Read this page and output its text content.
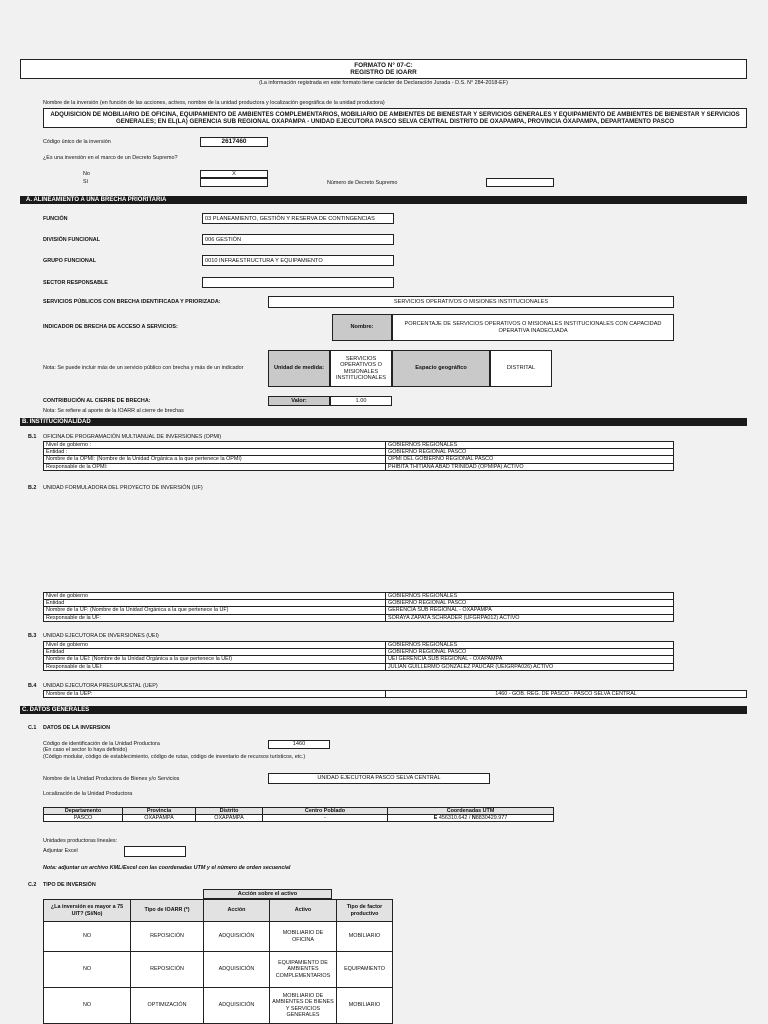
FORMATO N° 07-C:
REGISTRO DE IOARR
(La información registrada en este formato tiene carácter de Declaración Jurada - D.S. N° 284-2018-EF)
Nombre de la inversión (en función de las acciones, activos, nombre de la unidad productora y localización geográfica de la unidad productora)
ADQUISICION DE MOBILIARIO DE OFICINA, EQUIPAMIENTO DE AMBIENTES COMPLEMENTARIOS, MOBILIARIO DE AMBIENTES DE BIENESTAR Y SERVICIOS GENERALES Y EQUIPAMIENTO DE AMBIENTES DE BIENESTAR Y SERVICIOS GENERALES; EN EL(LA) GERENCIA SUB REGIONAL OXAPAMPA - UNIDAD EJECUTORA PASCO SELVA CENTRAL DISTRITO DE OXAPAMPA, PROVINCIA OXAPAMPA, DEPARTAMENTO PASCO
Código único de la inversión	2617460
¿Es una inversión en el marco de un Decreto Supremo?
No
Sí
X
Número de Decreto Supremo
A. ALINEAMIENTO A UNA BRECHA PRIORITARIA
FUNCIÓN	03 PLANEAMIENTO, GESTIÓN Y RESERVA DE CONTINGENCIAS
DIVISIÓN FUNCIONAL	006 GESTIÓN
GRUPO FUNCIONAL	0010 INFRAESTRUCTURA Y EQUIPAMIENTO
SECTOR RESPONSABLE
SERVICIOS PÚBLICOS CON BRECHA IDENTIFICADA Y PRIORIZADA:	SERVICIOS OPERATIVOS O MISIONES INSTITUCIONALES
INDICADOR DE BRECHA DE ACCESO A SERVICIOS:	Nombre:
PORCENTAJE DE SERVICIOS OPERATIVOS O MISIONALES INSTITUCIONALES CON CAPACIDAD OPERATIVA INADECUADA
Nota: Se puede incluir más de un servicio público con brecha y más de un indicador	Unidad de medida:
SERVICIOS OPERATIVOS O MISIONALES INSTITUCIONALES
Espacio geográfico	DISTRITAL
CONTRIBUCIÓN AL CIERRE DE BRECHA:	Valor:	1.00
Nota: Se refiere al aporte de la IOARR al cierre de brechas
B. INSTITUCIONALIDAD
B.1 OFICINA DE PROGRAMACIÓN MULTIANUAL DE INVERSIONES (OPMI)
Nivel de gobierno :	GOBIERNOS REGIONALES
Entidad :	GOBIERNO REGIONAL PASCO
Nombre de la OPMI: (Nombre de la Unidad Orgánica a la que pertenece la OPMI)	OPMI DEL GOBIERNO REGIONAL PASCO
Responsable de la OPMI:	PHIBITA THITIANA ABAD TRINIDAD (OPMIPA) ACTIVO
B.2 UNIDAD FORMULADORA DEL PROYECTO DE INVERSIÓN (UF)
Nivel de gobierno	GOBIERNOS REGIONALES
Entidad	GOBIERNO REGIONAL PASCO
Nombre de la UF: (Nombre de la Unidad Orgánica a la que pertenece la UF)	GERENCIA SUB REGIONAL - OXAPAMPA
Responsable de la UF:	SORAYA ZAPATA SCHRADER (UFGRPA012) ACTIVO
B.3 UNIDAD EJECUTORA DE INVERSIONES (UEI)
Nivel de gobierno	GOBIERNOS REGIONALES
Entidad	GOBIERNO REGIONAL PASCO
Nombre de la UEI: (Nombre de la Unidad Orgánica a la que pertenece la UEI)	UEI GERENCIA SUB REGIONAL - OXAPAMPA
Responsable de la UEI:	JULIAN GUILLERMO GONZALEZ PAUCAR (UEIGRPA026) ACTIVO
B.4 UNIDAD EJECUTORA PRESUPUESTAL (UEP)
Nombre de la UEP:	1460 - GOB. REG. DE PASCO - PASCO SELVA CENTRAL
C. DATOS GENERALES
C.1 DATOS DE LA INVERSION
Código de identificación de la Unidad Productora
(En caso el sector lo haya definido)
(Código modular, código de establecimiento, código de rutas, código de inventario de recursos turísticos, etc.)
1460
Nombre de la Unidad Productora de Bienes y/o Servicios	UNIDAD EJECUTORA PASCO SELVA CENTRAL
Localización de la Unidad Productora
Departamento	Provincia	Distrito	Centro Poblado	Coordenadas UTM
PASCO	OXAPAMPA	OXAPAMPA	-	E 456310.642 / N8830429.977
Unidades productoras lineales:
Adjuntar Excel
Nota: adjuntar un archivo KML/Excel con las coordenadas UTM y el número de orden secuencial
C.2 TIPO DE INVERSIÓN
Acción sobre el activo
¿La inversión es mayor a 75 UIT? (Sí/No)	Tipo de IOARR (*)	Acción	Activo	Tipo de factor productivo
NO	REPOSICIÓN	ADQUISICIÓN	MOBILIARIO DE OFICINA	MOBILIARIO
NO	REPOSICIÓN	ADQUISICIÓN	EQUIPAMIENTO DE AMBIENTES COMPLEMENTARIOS	EQUIPAMIENTO
NO	OPTIMIZACIÓN	ADQUISICIÓN	MOBILIARIO DE AMBIENTES DE BIENES Y SERVICIOS GENERALES	MOBILIARIO
